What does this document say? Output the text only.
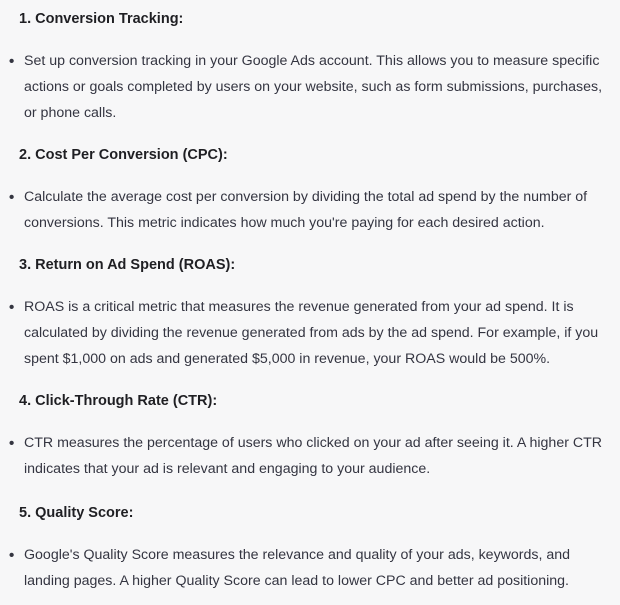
1. Conversion Tracking:
• Set up conversion tracking in your Google Ads account. This allows you to measure specific
actions or goals completed by users on your website, such as form submissions, purchases,
or phone calls.
2. Cost Per Conversion (CPC):
• Calculate the average cost per conversion by dividing the total ad spend by the number of
conversions. This metric indicates how much you're paying for each desired action.
3. Return on Ad Spend (ROAS):
• ROAS is a critical metric that measures the revenue generated from your ad spend. It is
calculated by dividing the revenue generated from ads by the ad spend. For example, if you
spent $1,000 on ads and generated $5,000 in revenue, your ROAS would be 500%.
4. Click-Through Rate (CTR):
• CTR measures the percentage of users who clicked on your ad after seeing it. A higher CTR
indicates that your ad is relevant and engaging to your audience.
5. Quality Score:
• Google's Quality Score measures the relevance and quality of your ads, keywords, and
landing pages. A higher Quality Score can lead to lower CPC and better ad positioning.
